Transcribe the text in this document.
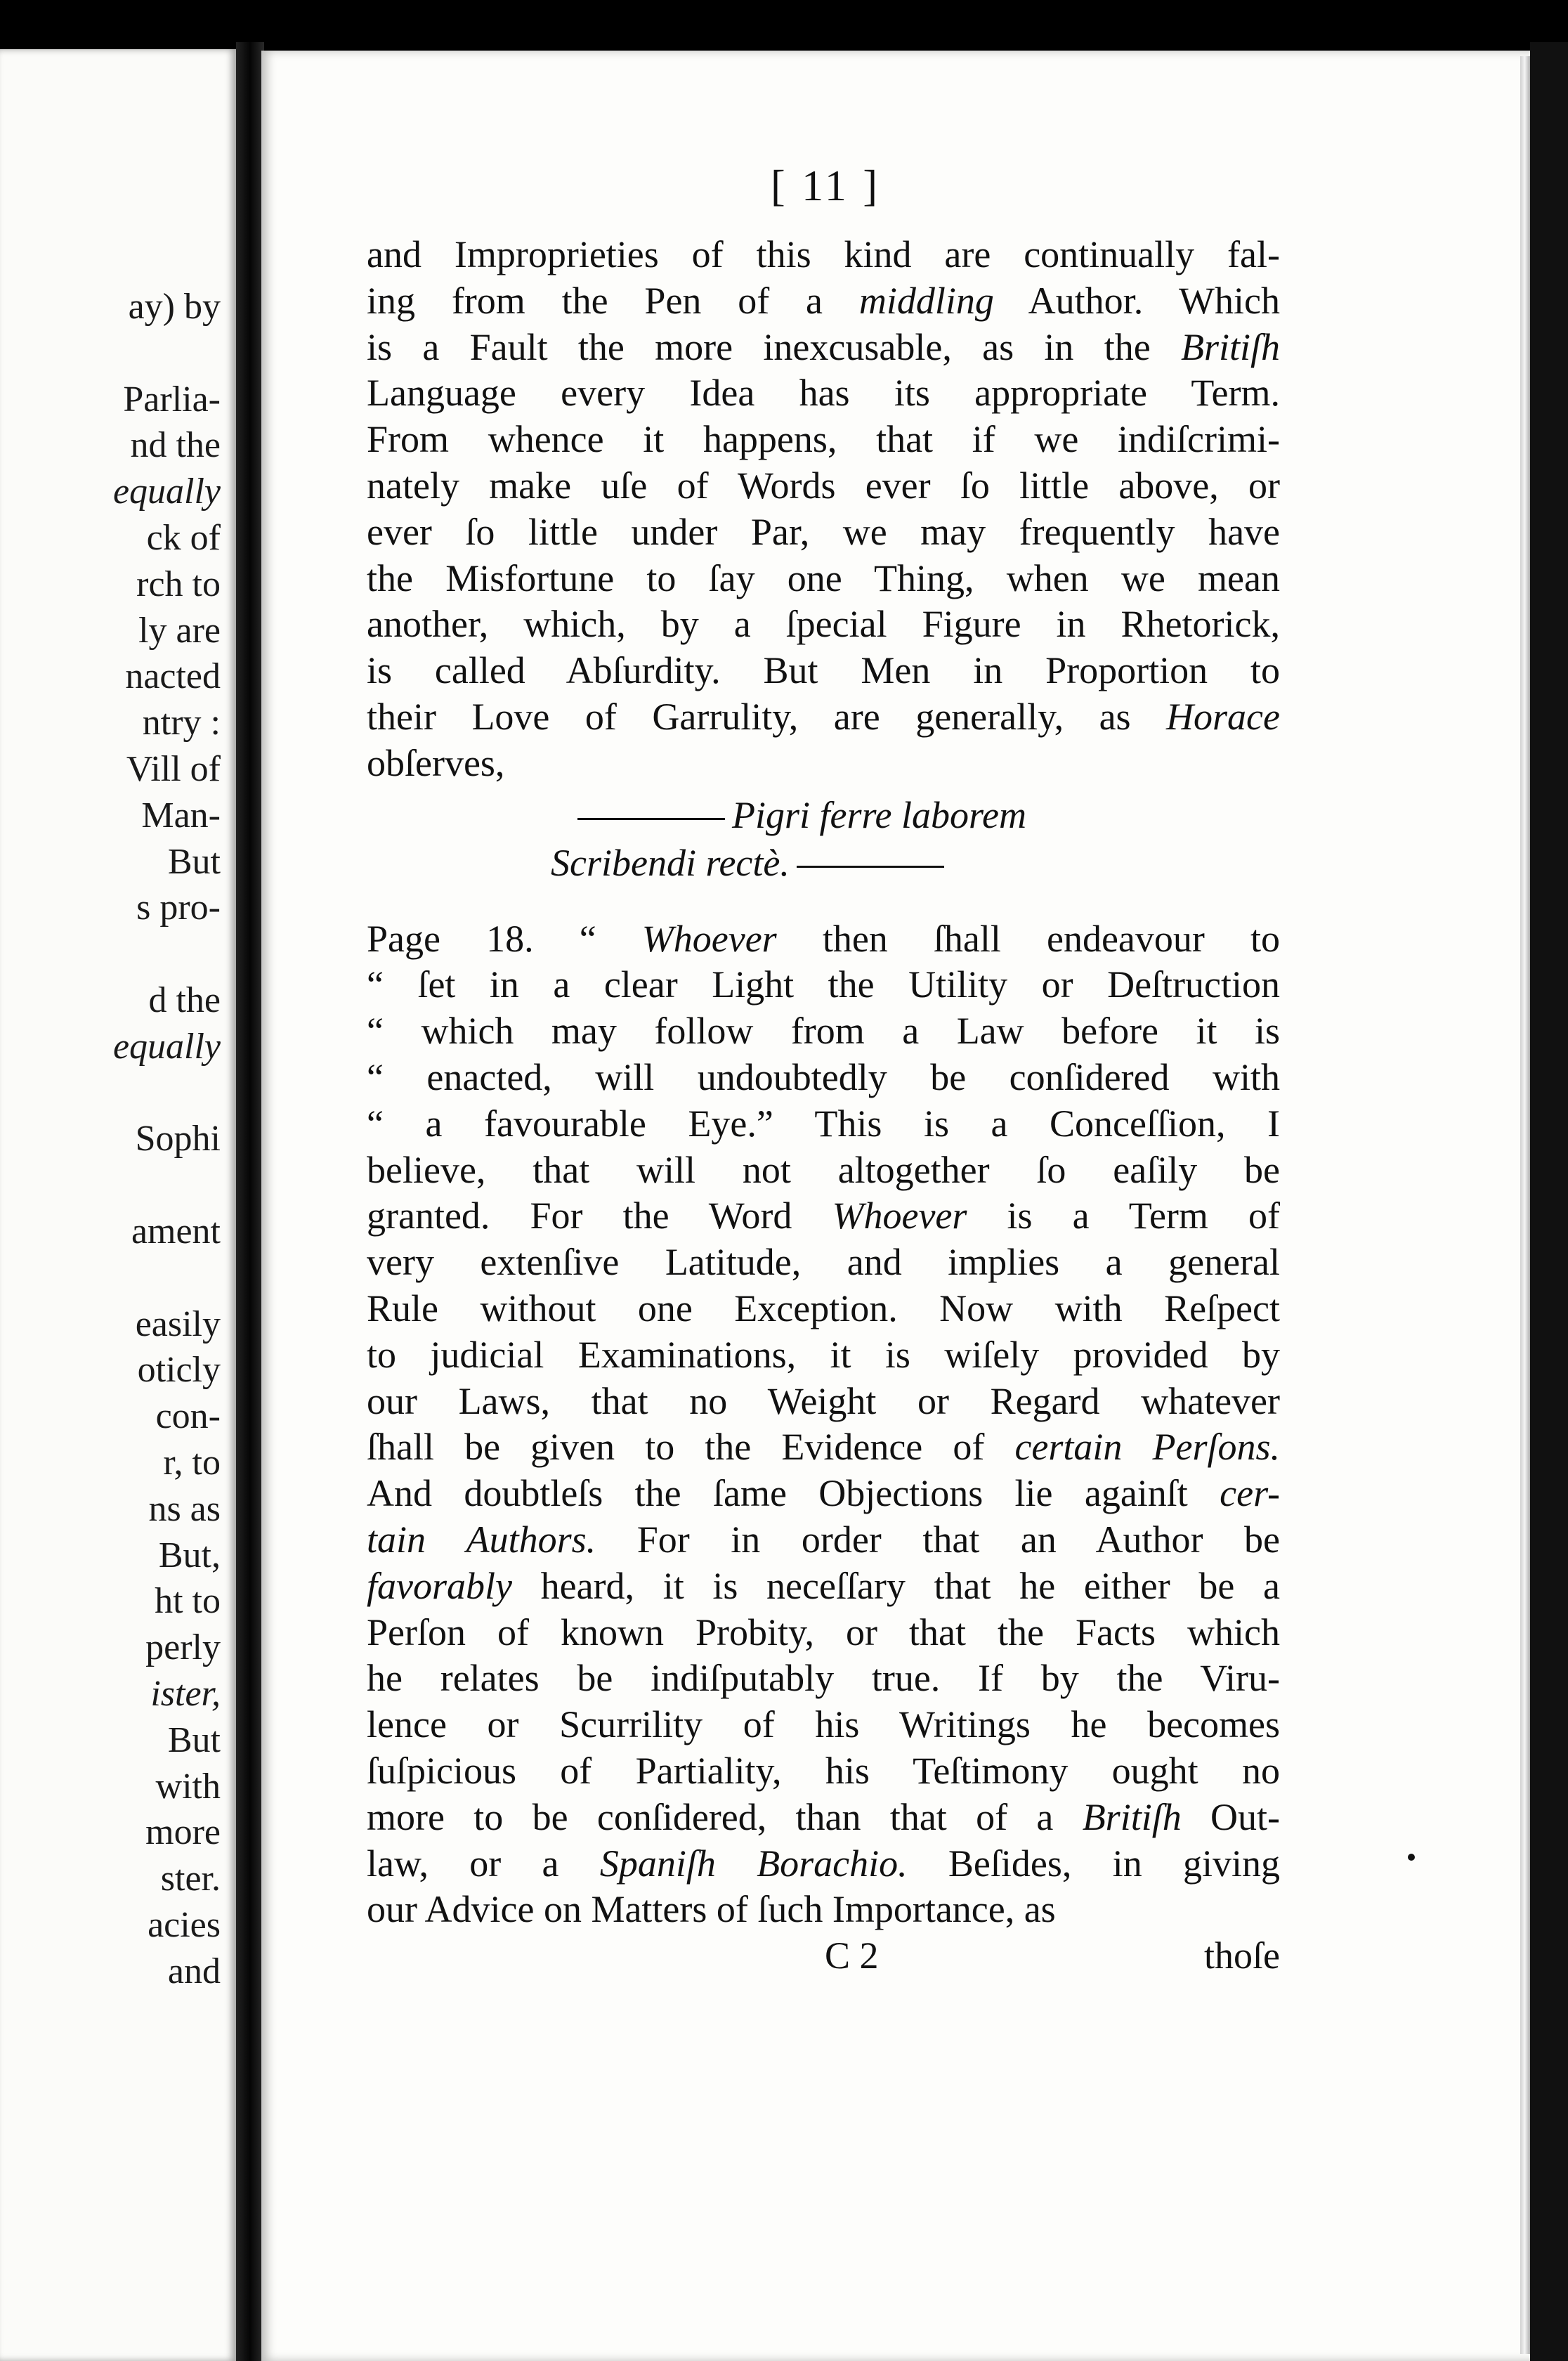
ay) by

Parlia-
nd the
equally
ck of
rch to
ly are
nacted
ntry :
Vill of
Man-
But
s pro-

d the
equally

Sophi

ament

easily
oticly
con-
r, to
ns as
But,
ht to
perly
ister,
But
with
more
ster.
acies
and
[ 11 ]

and Improprieties of this kind are continually fal-

ing from the Pen of a middling Author. Which

is a Fault the more inexcusable, as in the Britiſh

Language every Idea has its appropriate Term.

From whence it happens, that if we indiſcrimi-

nately make uſe of Words ever ſo little above, or

ever ſo little under Par, we may frequently have

the Misfortune to ſay one Thing, when we mean

another, which, by a ſpecial Figure in Rhetorick,

is called Abſurdity. But Men in Proportion to

their Love of Garrulity, are generally, as Horace

obſerves,

Pigri ferre laborem
Scribendi rectè.

Page 18. “ Whoever then ſhall endeavour to

“ ſet in a clear Light the Utility or Deſtruction

“ which may follow from a Law before it is

“ enacted, will undoubtedly be conſidered with

“ a favourable Eye.” This is a Conceſſion, I

believe, that will not altogether ſo eaſily be

granted. For the Word Whoever is a Term of

very extenſive Latitude, and implies a general

Rule without one Exception. Now with Reſpect

to judicial Examinations, it is wiſely provided by

our Laws, that no Weight or Regard whatever

ſhall be given to the Evidence of certain Perſons.

And doubtleſs the ſame Objections lie againſt cer-

tain Authors. For in order that an Author be

favorably heard, it is neceſſary that he either be a

Perſon of known Probity, or that the Facts which

he relates be indiſputably true. If by the Viru-

lence or Scurrility of his Writings he becomes

ſuſpicious of Partiality, his Teſtimony ought no

more to be conſidered, than that of a Britiſh Out-

law, or a Spaniſh Borachio. Beſides, in giving

our Advice on Matters of ſuch Importance, as

C 2	thoſe
